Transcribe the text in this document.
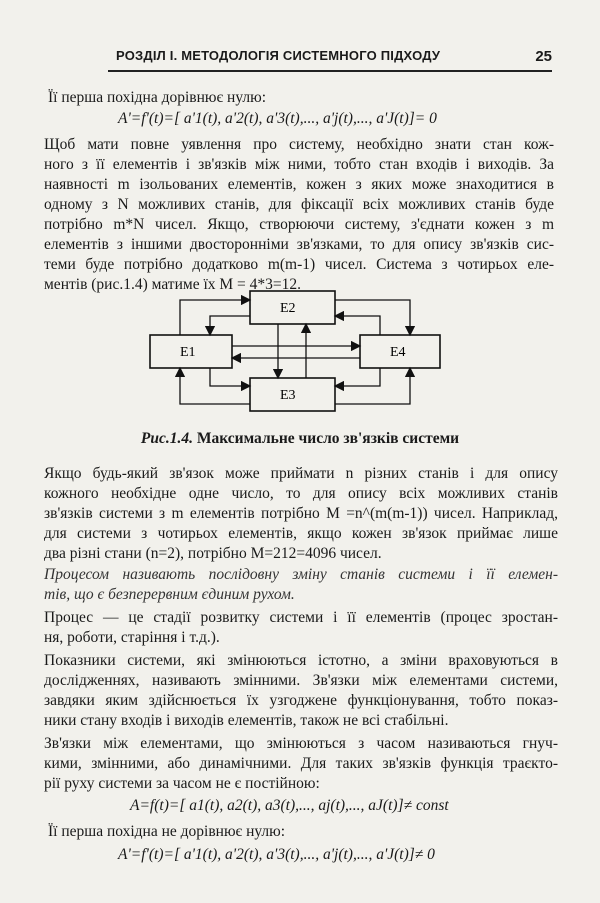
РОЗДІЛ І. МЕТОДОЛОГІЯ СИСТЕМНОГО ПІДХОДУ	25
Її перша похідна дорівнює нулю:
A'=f'(t)=[ a'1(t), a'2(t), a'3(t),..., a'j(t),..., a'J(t)]= 0
Щоб мати повне уявлення про систему, необхідно знати стан кож-
ного з її елементів і зв'язків між ними, тобто стан входів і виходів. За
наявності m ізольованих елементів, кожен з яких може знаходитися в
одному з N можливих станів, для фіксації всіх можливих станів буде
потрібно m*N чисел. Якщо, створюючи систему, з'єднати кожен з m
елементів з іншими двосторонніми зв'язками, то для опису зв'язків сис-
теми буде потрібно додатково m(m-1) чисел. Система з чотирьох еле-
ментів (рис.1.4) матиме їх M = 4*3=12.
E2
E1	E4
E3
Рис.1.4. Максимальне число зв'язків системи
Якщо будь-який зв'язок може приймати n різних станів і для опису
кожного необхідне одне число, то для опису всіх можливих станів
зв'язків системи з m елементів потрібно M =n^(m(m-1)) чисел. Наприклад,
для системи з чотирьох елементів, якщо кожен зв'язок приймає лише
два різні стани (n=2), потрібно M=212=4096 чисел.
Процесом називають послідовну зміну станів системи і її елемен-
тів, що є безперервним єдиним рухом.
Процес — це стадії розвитку системи і її елементів (процес зростан-
ня, роботи, старіння і т.д.).
Показники системи, які змінюються істотно, а зміни враховуються в
дослідженнях, називають змінними. Зв'язки між елементами системи,
завдяки яким здійснюється їх узгоджене функціонування, тобто показ-
ники стану входів і виходів елементів, також не всі стабільні.
Зв'язки між елементами, що змінюються з часом називаються гнуч-
кими, змінними, або динамічними. Для таких зв'язків функція траєкто-
рії руху системи за часом не є постійною:
A=f(t)=[ a1(t), a2(t), a3(t),..., aj(t),..., aJ(t)]≠ const
Її перша похідна не дорівнює нулю:
A'=f'(t)=[ a'1(t), a'2(t), a'3(t),..., a'j(t),..., a'J(t)]≠ 0
